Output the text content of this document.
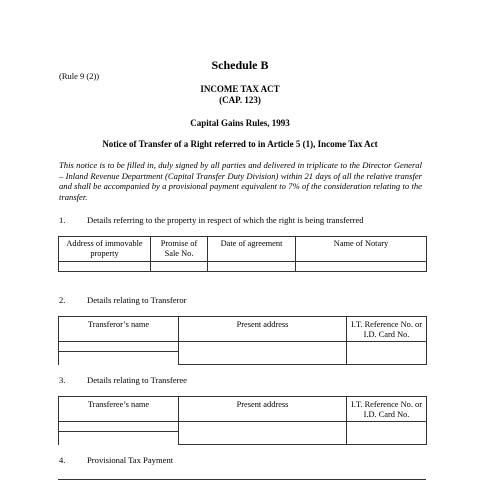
Schedule B
(Rule 9 (2))
INCOME TAX ACT
(CAP. 123)
Capital Gains Rules, 1993
Notice of Transfer of a Right referred to in Article 5 (1), Income Tax Act
This notice is to be filled in, duly signed by all parties and delivered in triplicate to the Director General – Inland Revenue Department (Capital Transfer Duty Division) within 21 days of all the relative transfer and shall be accompanied by a provisional payment equivalent to 7% of the consideration relating to the transfer.
1.	Details referring to the property in respect of which the right is being transferred
Address of immovable property	Promise of Sale No.	Date of agreement	Name of Notary

2.	Details relating to Transferor
Transferor’s name	Present address	I.T. Reference No. or I.D. Card No.

3.	Details relating to Transferee
Transferee’s name	Present address	I.T. Reference No. or I.D. Card No.

4.	Provisional Tax Payment
